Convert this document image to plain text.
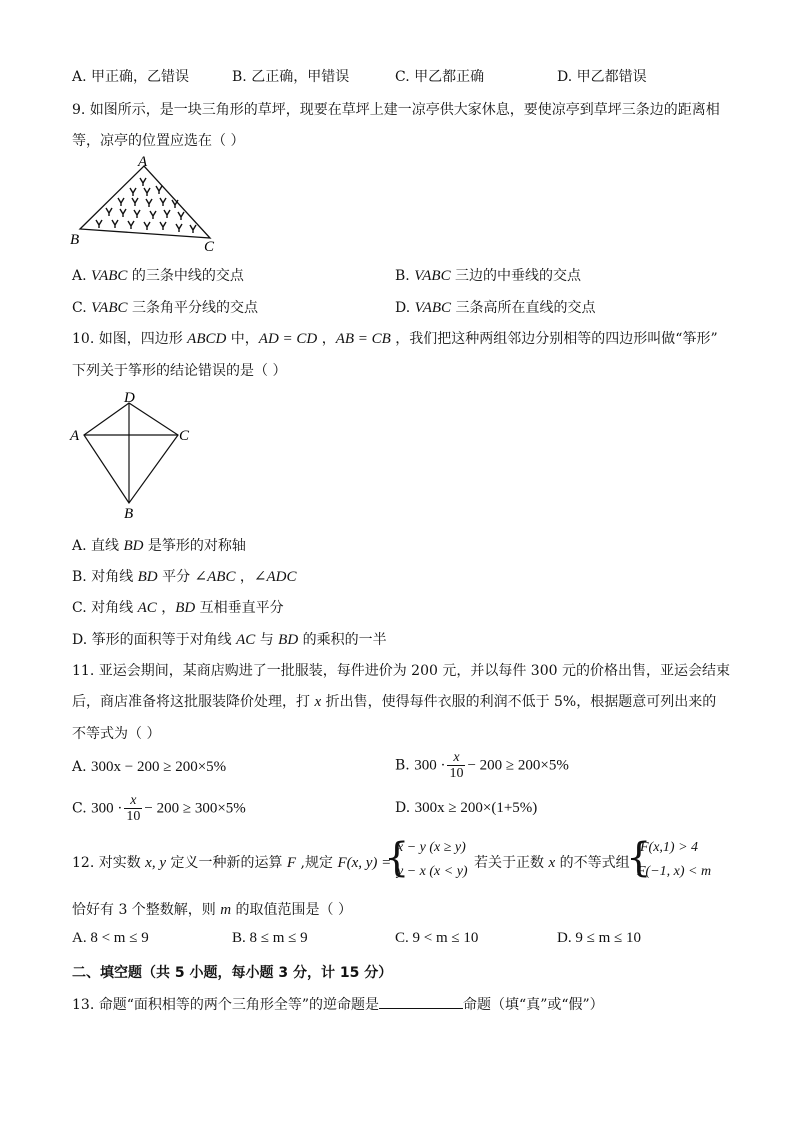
A. 甲正确，乙错误	B. 乙正确，甲错误	C. 甲乙都正确	D. 甲乙都错误
9. 如图所示，是一块三角形的草坪，现要在草坪上建一凉亭供大家休息，要使凉亭到草坪三条边的距离相
等，凉亭的位置应选在（ ）
A
B	C
A. VABC 的三条中线的交点	B. VABC 三边的中垂线的交点
C. VABC 三条角平分线的交点	D. VABC 三条高所在直线的交点
10. 如图，四边形 ABCD 中，AD = CD ，AB = CB ，我们把这种两组邻边分别相等的四边形叫做“筝形”
下列关于筝形的结论错误的是（ ）
D
A	C
B
A. 直线 BD 是筝形的对称轴
B. 对角线 BD 平分 ∠ABC ，∠ADC
C. 对角线 AC ，BD 互相垂直平分
D. 筝形的面积等于对角线 AC 与 BD 的乘积的一半
11. 亚运会期间，某商店购进了一批服装，每件进价为 200 元，并以每件 300 元的价格出售，亚运会结束
后，商店准备将这批服装降价处理，打 x 折出售，使得每件衣服的利润不低于 5%，根据题意可列出来的
不等式为（ ）
A. 300x − 200 ≥ 200×5%	B. $300 \cdot \frac{x}{10} - 200 \ge 200\times 5\%$
C. $300 \cdot \frac{x}{10} - 200 \ge 300\times 5\%$	D. 300x ≥ 200×(1+5%)
12. 对实数 x, y 定义一种新的运算 F ,规定 F(x, y) =
{
x − y (x ≥ y)
y − x (x < y)
若关于正数 x 的不等式组
{
F(x,1) > 4
F(−1, x) < m
恰好有 3 个整数解，则 m 的取值范围是（ ）
A. 8 < m ≤ 9	B. 8 ≤ m ≤ 9	C. 9 < m ≤ 10	D. 9 ≤ m ≤ 10
二、填空题（共 5 小题，每小题 3 分，计 15 分）
13. 命题“面积相等的两个三角形全等”的逆命题是	命题（填“真”或“假”）
